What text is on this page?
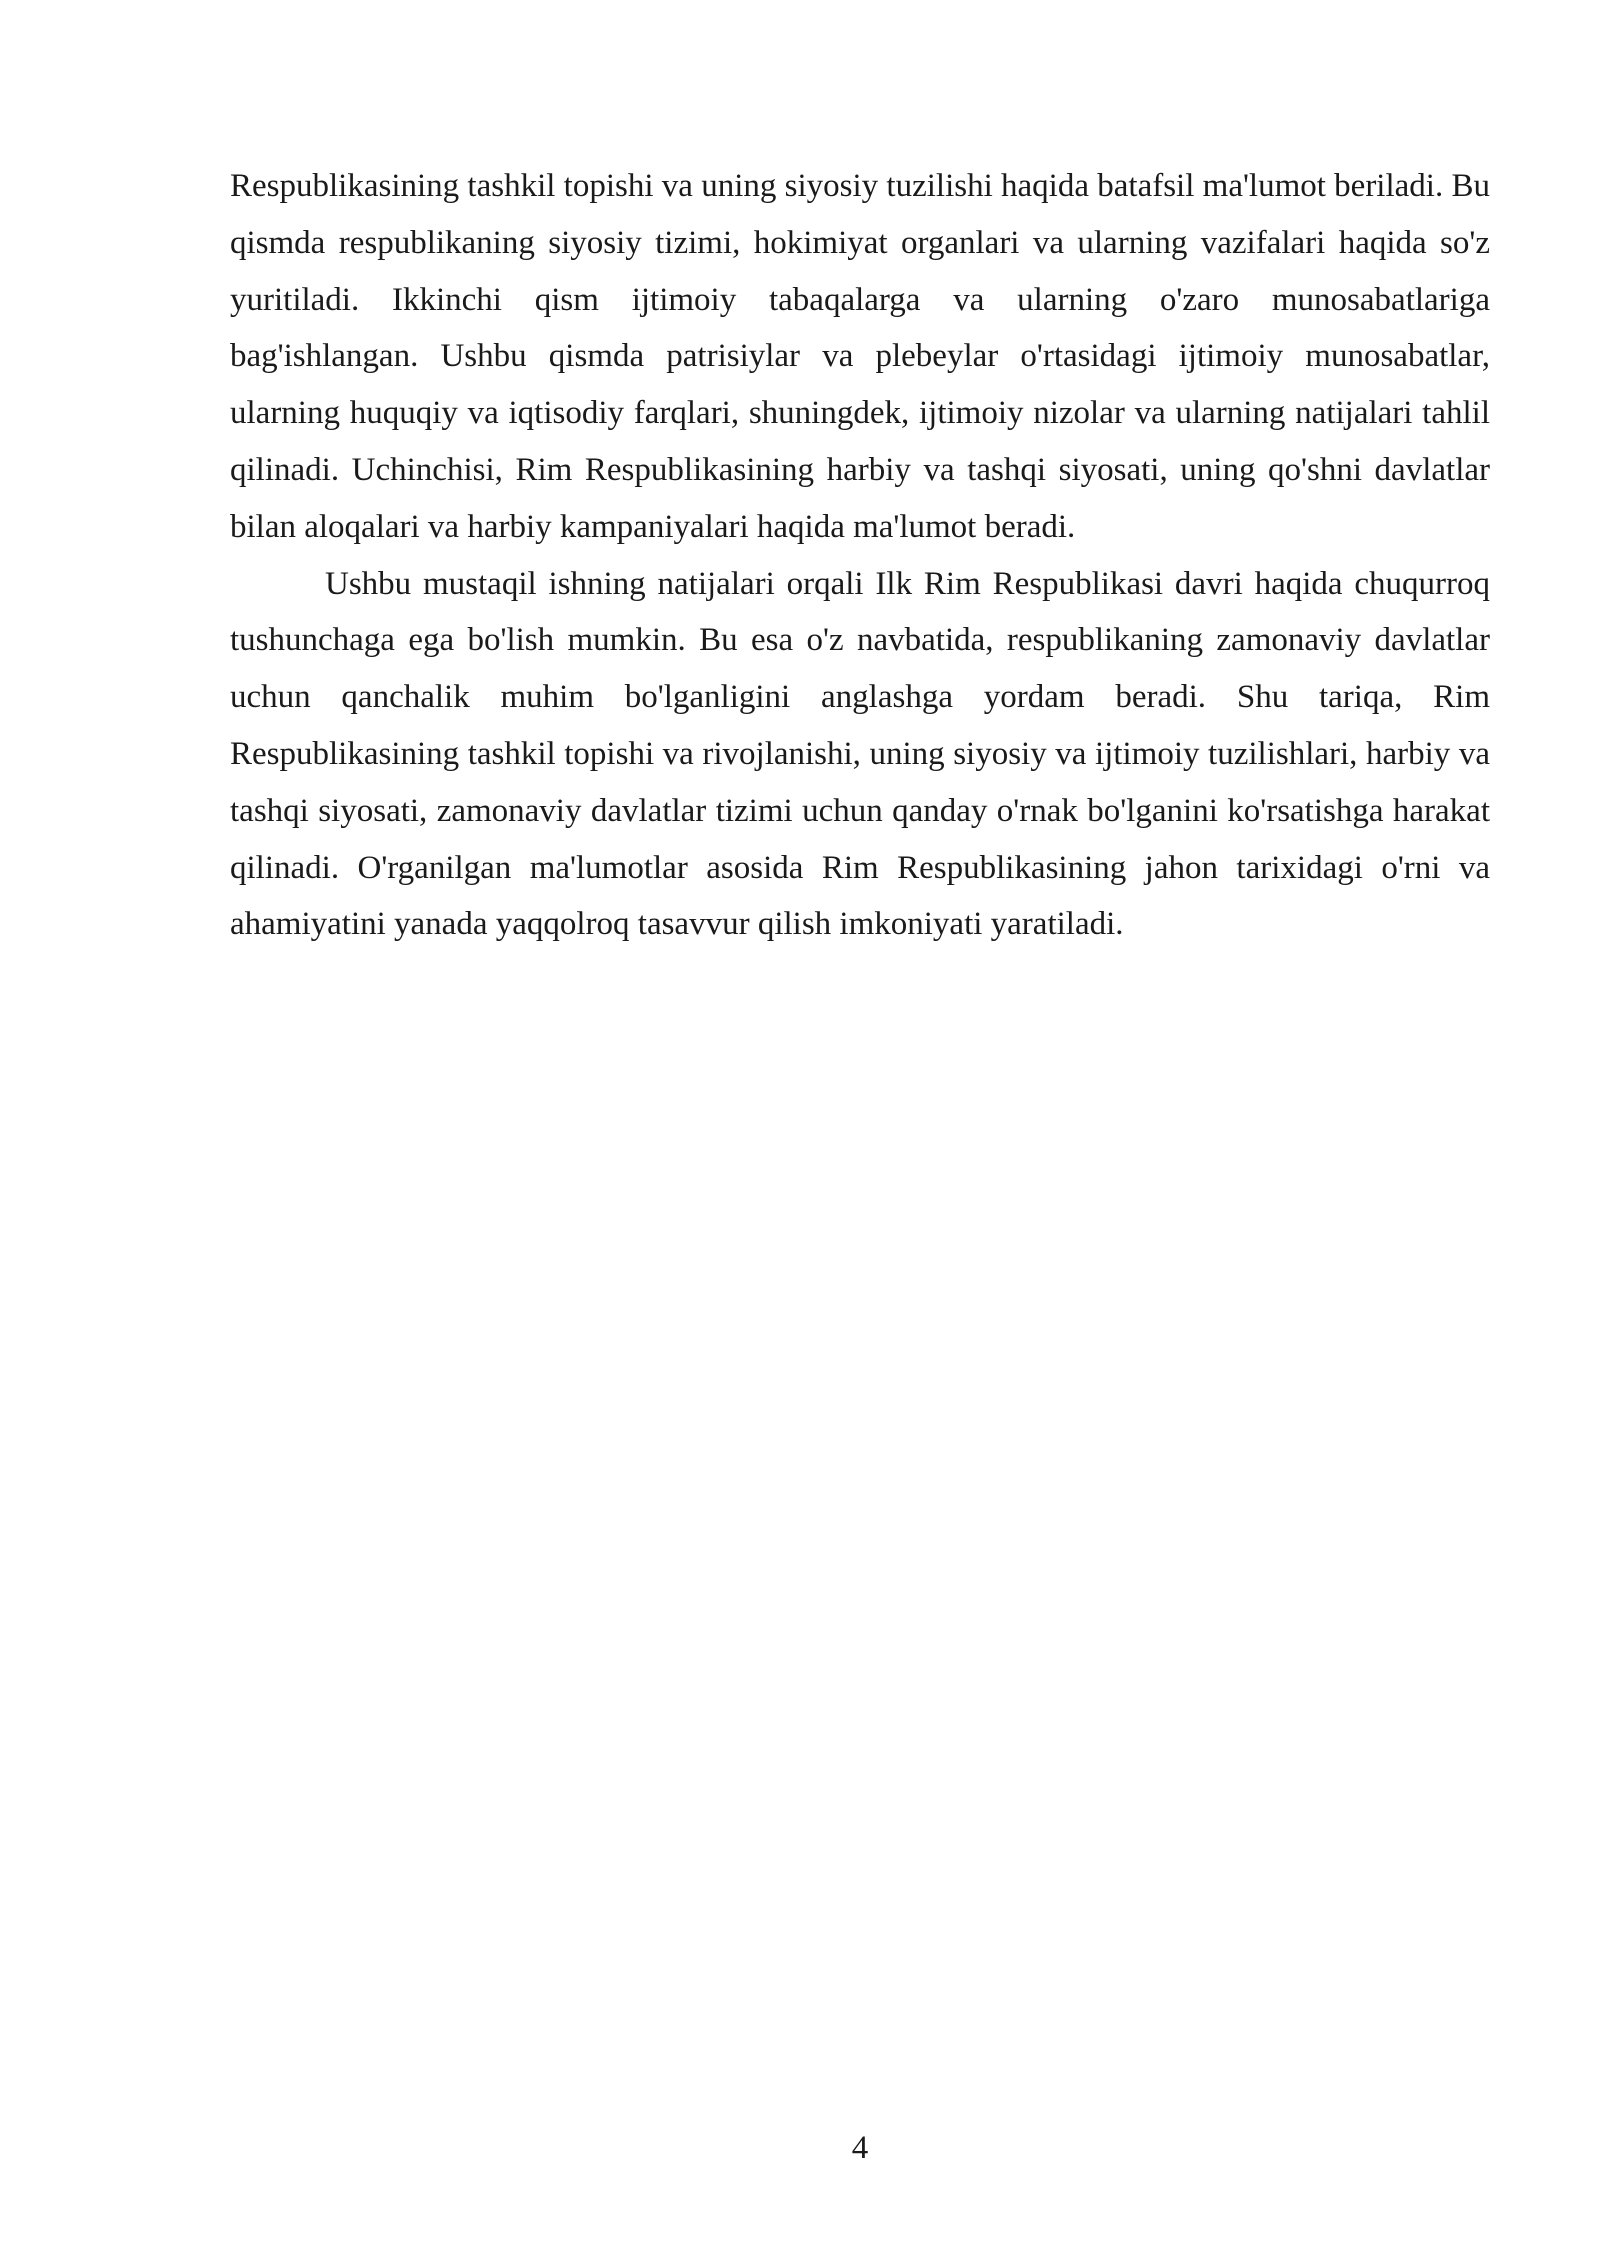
Respublikasining tashkil topishi va uning siyosiy tuzilishi haqida batafsil ma'lumot beriladi. Bu qismda respublikaning siyosiy tizimi, hokimiyat organlari va ularning vazifalari haqida so'z yuritiladi. Ikkinchi qism ijtimoiy tabaqalarga va ularning o'zaro munosabatlariga bag'ishlangan. Ushbu qismda patrisiylar va plebeylar o'rtasidagi ijtimoiy munosabatlar, ularning huquqiy va iqtisodiy farqlari, shuningdek, ijtimoiy nizolar va ularning natijalari tahlil qilinadi. Uchinchisi, Rim Respublikasining harbiy va tashqi siyosati, uning qo'shni davlatlar bilan aloqalari va harbiy kampaniyalari haqida ma'lumot beradi.

Ushbu mustaqil ishning natijalari orqali Ilk Rim Respublikasi davri haqida chuqurroq tushunchaga ega bo'lish mumkin. Bu esa o'z navbatida, respublikaning zamonaviy davlatlar uchun qanchalik muhim bo'lganligini anglashga yordam beradi. Shu tariqa, Rim Respublikasining tashkil topishi va rivojlanishi, uning siyosiy va ijtimoiy tuzilishlari, harbiy va tashqi siyosati, zamonaviy davlatlar tizimi uchun qanday o'rnak bo'lganini ko'rsatishga harakat qilinadi. O'rganilgan ma'lumotlar asosida Rim Respublikasining jahon tarixidagi o'rni va ahamiyatini yanada yaqqolroq tasavvur qilish imkoniyati yaratiladi.

4
